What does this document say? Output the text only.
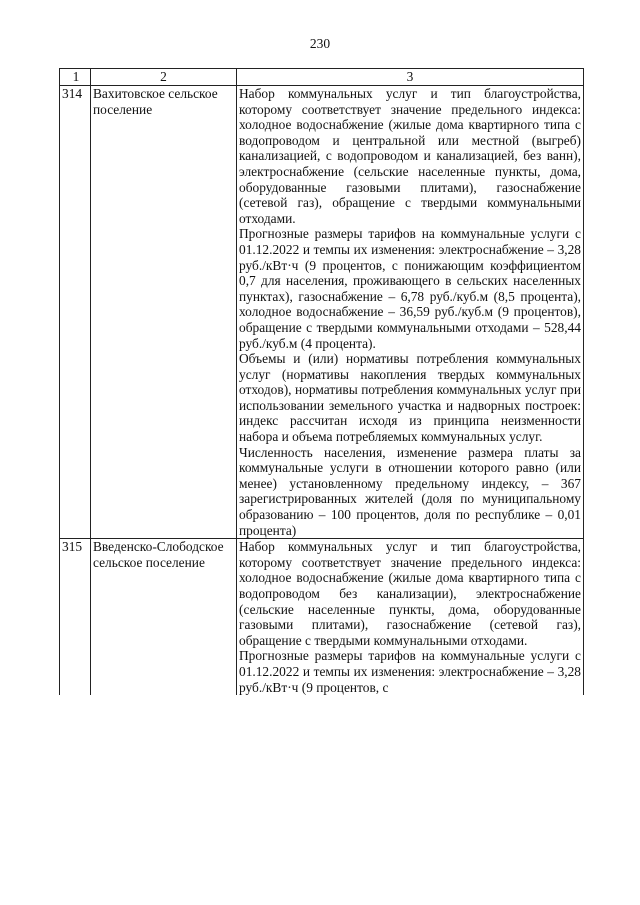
230
1	2	3
314	Вахитовское сельское поселение	Набор коммунальных услуг и тип благоустройства, которому соответствует значение предельного индекса: холодное водоснабжение (жилые дома квартирного типа с водопроводом и центральной или местной (выгреб) канализацией, с водопроводом и канализацией, без ванн), электроснабжение (сельские населенные пункты, дома, оборудованные газовыми плитами), газоснабжение (сетевой газ), обращение с твердыми коммунальными отходами.

Прогнозные размеры тарифов на коммунальные услуги с 01.12.2022 и темпы их изменения: электроснабжение – 3,28 руб./кВт·ч (9 процентов, с понижающим коэффициентом 0,7 для населения, проживающего в сельских населенных пунктах), газоснабжение – 6,78 руб./куб.м (8,5 процента), холодное водоснабжение – 36,59 руб./куб.м (9 процентов), обращение с твердыми коммунальными отходами – 528,44 руб./куб.м (4 процента).

Объемы и (или) нормативы потребления коммунальных услуг (нормативы накопления твердых коммунальных отходов), нормативы потребления коммунальных услуг при использовании земельного участка и надворных построек: индекс рассчитан исходя из принципа неизменности набора и объема потребляемых коммунальных услуг.

Численность населения, изменение размера платы за коммунальные услуги в отношении которого равно (или менее) установленному предельному индексу, – 367 зарегистрированных жителей (доля по муниципальному образованию – 100 процентов, доля по республике – 0,01 процента)

315	Введенско-Слободское сельское поселение	Набор коммунальных услуг и тип благоустройства, которому соответствует значение предельного индекса: холодное водоснабжение (жилые дома квартирного типа с водопроводом без канализации), электроснабжение (сельские населенные пункты, дома, оборудованные газовыми плитами), газоснабжение (сетевой газ), обращение с твердыми коммунальными отходами.

Прогнозные размеры тарифов на коммунальные услуги с 01.12.2022 и темпы их изменения: электроснабжение – 3,28 руб./кВт·ч (9 процентов, с
